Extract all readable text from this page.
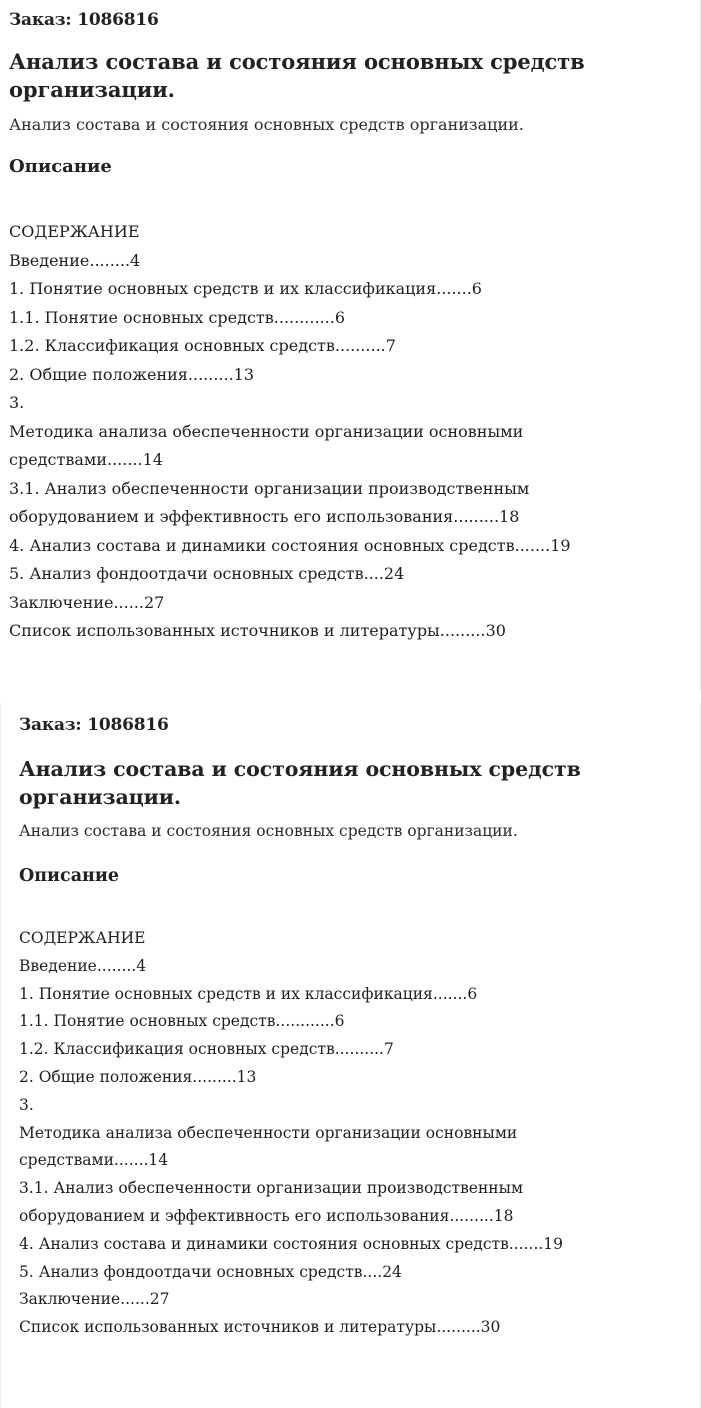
Заказ: 1086816
Анализ состава и состояния основных средств
организации.
Анализ состава и состояния основных средств организации.
Описание
СОДЕРЖАНИЕ
Введение........4
1. Понятие основных средств и их классификация.......6
1.1. Понятие основных средств............6
1.2. Классификация основных средств..........7
2. Общие положения.........13
3.
Методика анализа обеспеченности организации основными
средствами.......14
3.1. Анализ обеспеченности организации производственным
оборудованием и эффективность его использования.........18
4. Анализ состава и динамики состояния основных средств.......19
5. Анализ фондоотдачи основных средств....24
Заключение......27
Список использованных источников и литературы.........30
Заказ: 1086816
Анализ состава и состояния основных средств
организации.
Анализ состава и состояния основных средств организации.
Описание
СОДЕРЖАНИЕ
Введение........4
1. Понятие основных средств и их классификация.......6
1.1. Понятие основных средств............6
1.2. Классификация основных средств..........7
2. Общие положения.........13
3.
Методика анализа обеспеченности организации основными
средствами.......14
3.1. Анализ обеспеченности организации производственным
оборудованием и эффективность его использования.........18
4. Анализ состава и динамики состояния основных средств.......19
5. Анализ фондоотдачи основных средств....24
Заключение......27
Список использованных источников и литературы.........30
